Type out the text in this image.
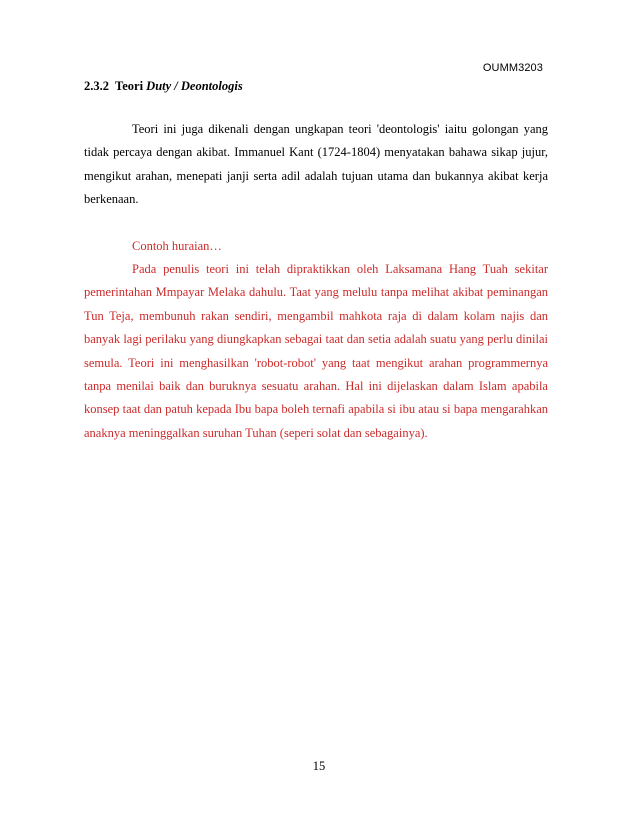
OUMM3203
2.3.2 Teori Duty / Deontologis

Teori ini juga dikenali dengan ungkapan teori 'deontologis' iaitu golongan yang tidak percaya dengan akibat. Immanuel Kant (1724-1804) menyatakan bahawa sikap jujur, mengikut arahan, menepati janji serta adil adalah tujuan utama dan bukannya akibat kerja berkenaan.

Contoh huraian…

Pada penulis teori ini telah dipraktikkan oleh Laksamana Hang Tuah sekitar pemerintahan Mmpayar Melaka dahulu. Taat yang melulu tanpa melihat akibat peminangan Tun Teja, membunuh rakan sendiri, mengambil mahkota raja di dalam kolam najis dan banyak lagi perilaku yang diungkapkan sebagai taat dan setia adalah suatu yang perlu dinilai semula. Teori ini menghasilkan 'robot-robot' yang taat mengikut arahan programmernya tanpa menilai baik dan buruknya sesuatu arahan. Hal ini dijelaskan dalam Islam apabila konsep taat dan patuh kepada Ibu bapa boleh ternafi apabila si ibu atau si bapa mengarahkan anaknya meninggalkan suruhan Tuhan (seperi solat dan sebagainya).

15
